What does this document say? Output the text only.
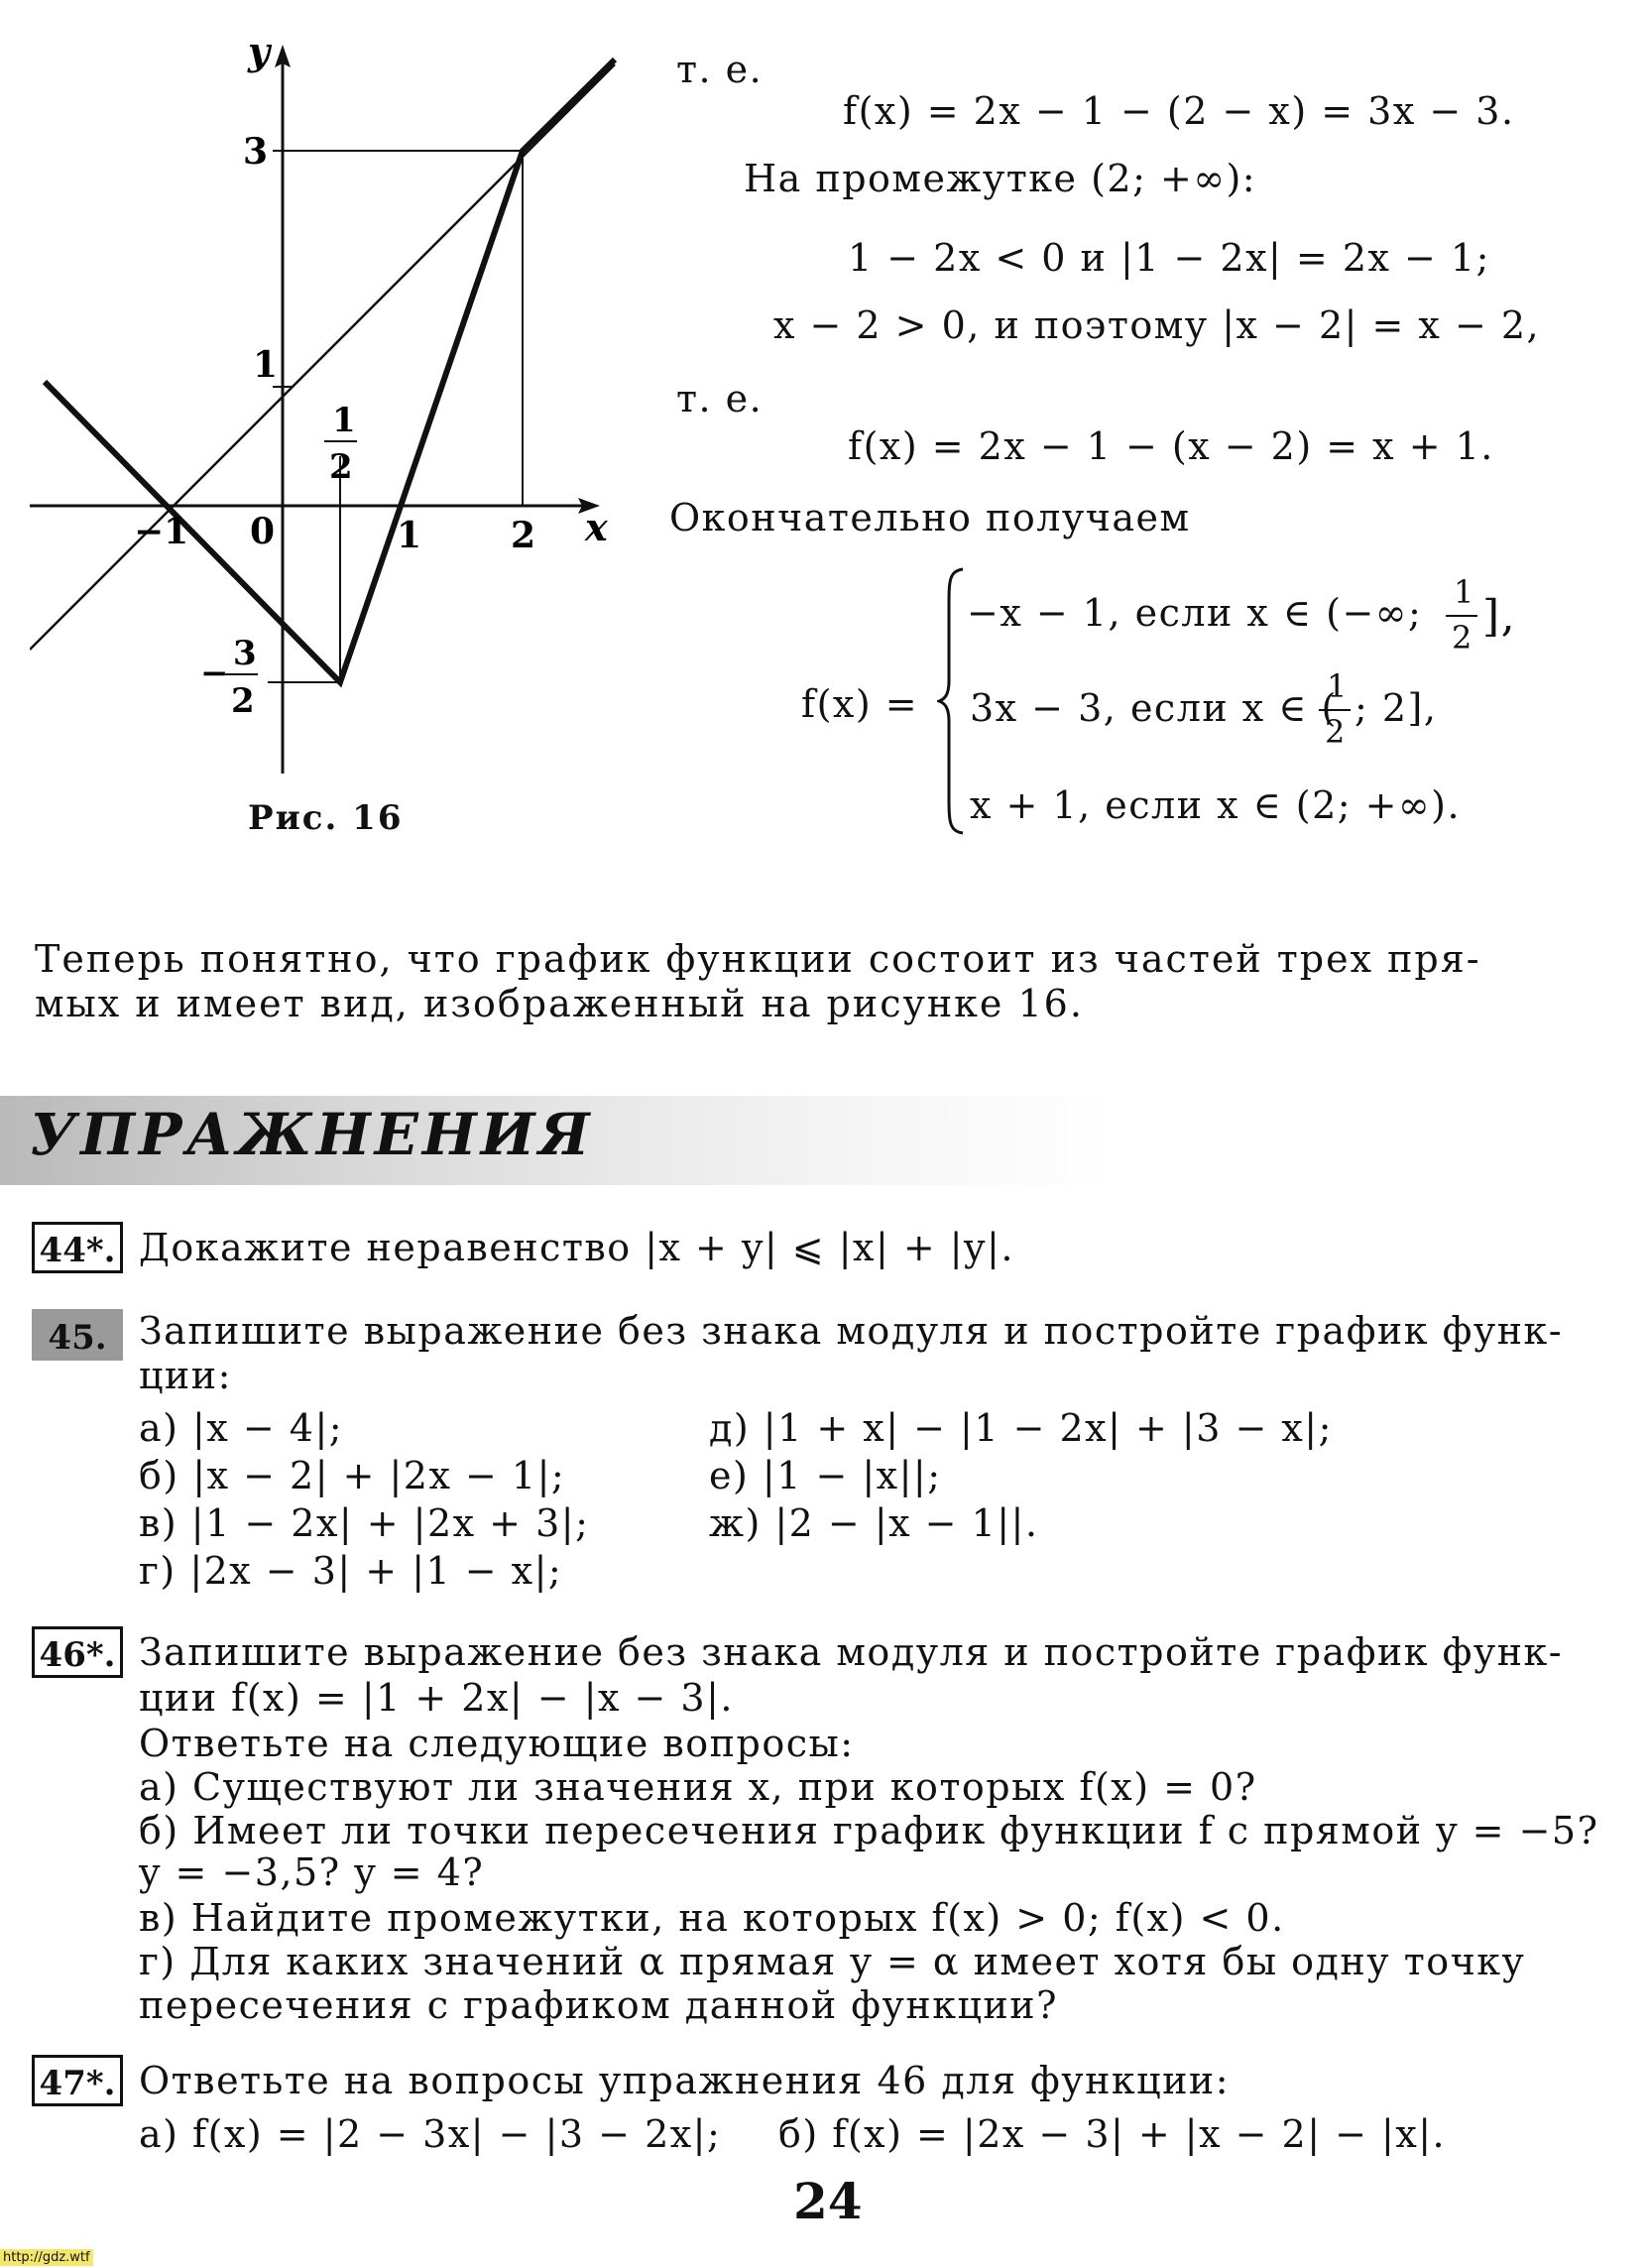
y
x
3
1
−1 0	1 2
1
2
− 3
2
Рис. 16
т. е.
f(x) = 2x − 1 − (2 − x) = 3x − 3.
На промежутке (2; +∞):
1 − 2x < 0 и |1 − 2x| = 2x − 1;
x − 2 > 0, и поэтому |x − 2| = x − 2,
т. е.
f(x) = 2x − 1 − (x − 2) = x + 1.
Окончательно получаем
f(x) =
−x − 1, если x ∈ (−∞; 1
2 ],
3x − 3, если x ∈ (
1
2
; 2],
x + 1, если x ∈ (2; +∞).
Теперь понятно, что график функции состоит из частей трех пря-
мых и имеет вид, изображенный на рисунке 16.
УПРАЖНЕНИЯ
44*. Докажите неравенство |x + y| ⩽ |x| + |y|.
45. Запишите выражение без знака модуля и постройте график функ-
ции:
а) |x − 4|;
б) |x − 2| + |2x − 1|;
в) |1 − 2x| + |2x + 3|;
г) |2x − 3| + |1 − x|;
д) |1 + x| − |1 − 2x| + |3 − x|;
е) |1 − |x||;
ж) |2 − |x − 1||.
46*. Запишите выражение без знака модуля и постройте график функ-
ции f(x) = |1 + 2x| − |x − 3|.
Ответьте на следующие вопросы:
а) Существуют ли значения x, при которых f(x) = 0?
б) Имеет ли точки пересечения график функции f с прямой y = −5?
y = −3,5? y = 4?
в) Найдите промежутки, на которых f(x) > 0; f(x) < 0.
г) Для каких значений α прямая y = α имеет хотя бы одну точку
пересечения с графиком данной функции?
47*. Ответьте на вопросы упражнения 46 для функции:
а) f(x) = |2 − 3x| − |3 − 2x|; б) f(x) = |2x − 3| + |x − 2| − |x|.
24
http://gdz.wtf
